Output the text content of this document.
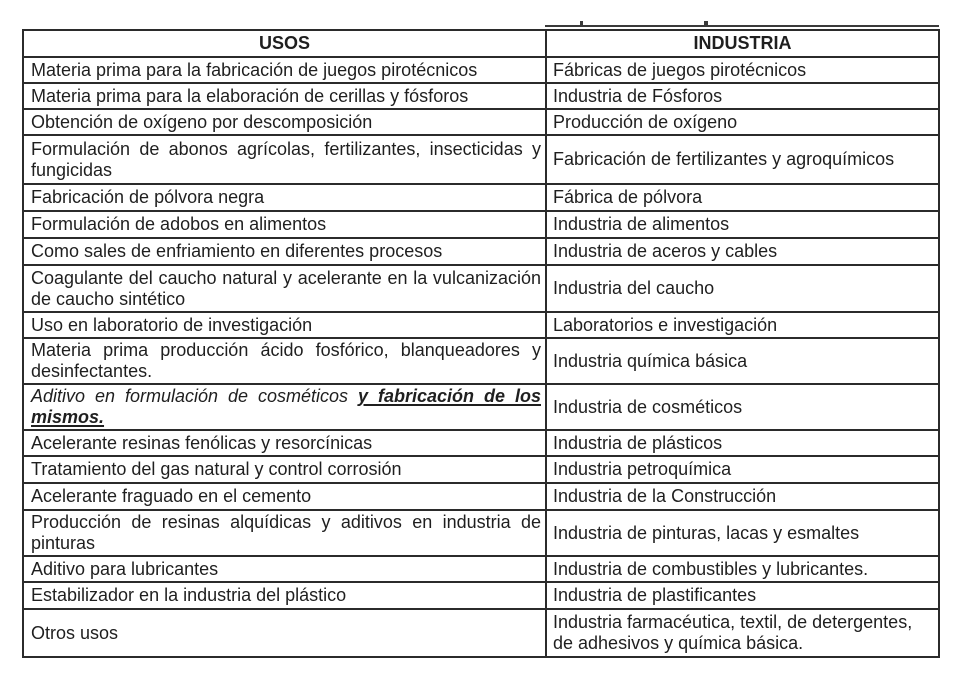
USOS	INDUSTRIA
Materia prima para la fabricación de juegos pirotécnicos	Fábricas de juegos pirotécnicos
Materia prima para la elaboración de cerillas y fósforos	Industria de Fósforos
Obtención de oxígeno por descomposición	Producción de oxígeno
Formulación de abonos agrícolas, fertilizantes, insecticidas y fungicidas	Fabricación de fertilizantes y agroquímicos
Fabricación de pólvora negra	Fábrica de pólvora
Formulación de adobos en alimentos	Industria de alimentos
Como sales de enfriamiento en diferentes procesos	Industria de aceros y cables
Coagulante del caucho natural y acelerante en la vulcanización de caucho sintético	Industria del caucho
Uso en laboratorio de investigación	Laboratorios e investigación
Materia prima producción ácido fosfórico, blanqueadores y desinfectantes.	Industria química básica
Aditivo en formulación de cosméticos y fabricación de los mismos.	Industria de cosméticos
Acelerante resinas fenólicas y resorcínicas	Industria de plásticos
Tratamiento del gas natural y control corrosión	Industria petroquímica
Acelerante fraguado en el cemento	Industria de la Construcción
Producción de resinas alquídicas y aditivos en industria de pinturas	Industria de pinturas, lacas y esmaltes
Aditivo para lubricantes	Industria de combustibles y lubricantes.
Estabilizador en la industria del plástico	Industria de plastificantes
Otros usos	Industria farmacéutica, textil, de detergentes, de adhesivos y química básica.
